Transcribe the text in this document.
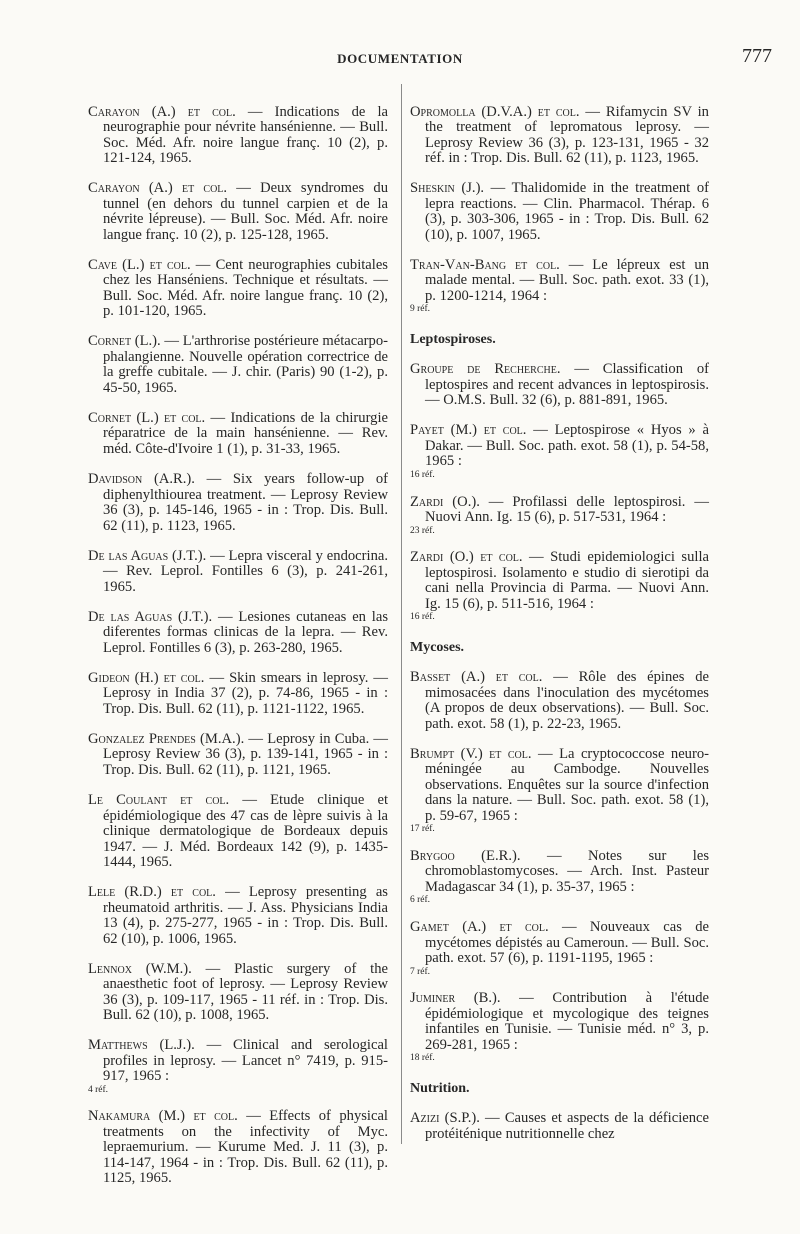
DOCUMENTATION	777

Carayon (A.) et col. — Indications de la neurographie pour névrite hansénienne. — Bull. Soc. Méd. Afr. noire langue franç. 10 (2), p. 121-124, 1965.

Carayon (A.) et col. — Deux syndromes du tunnel (en dehors du tunnel carpien et de la névrite lépreuse). — Bull. Soc. Méd. Afr. noire langue franç. 10 (2), p. 125-128, 1965.

Cave (L.) et col. — Cent neurographies cubitales chez les Hanséniens. Technique et résultats. — Bull. Soc. Méd. Afr. noire langue franç. 10 (2), p. 101-120, 1965.

Cornet (L.). — L'arthrorise postérieure métacarpo-phalangienne. Nouvelle opération correctrice de la greffe cubitale. — J. chir. (Paris) 90 (1-2), p. 45-50, 1965.

Cornet (L.) et col. — Indications de la chirurgie réparatrice de la main hansénienne. — Rev. méd. Côte-d'Ivoire 1 (1), p. 31-33, 1965.

Davidson (A.R.). — Six years follow-up of diphenylthiourea treatment. — Leprosy Review 36 (3), p. 145-146, 1965 - in : Trop. Dis. Bull. 62 (11), p. 1123, 1965.

De las Aguas (J.T.). — Lepra visceral y endocrina. — Rev. Leprol. Fontilles 6 (3), p. 241-261, 1965.

De las Aguas (J.T.). — Lesiones cutaneas en las diferentes formas clinicas de la lepra. — Rev. Leprol. Fontilles 6 (3), p. 263-280, 1965.

Gideon (H.) et col. — Skin smears in leprosy. — Leprosy in India 37 (2), p. 74-86, 1965 - in : Trop. Dis. Bull. 62 (11), p. 1121-1122, 1965.

Gonzalez Prendes (M.A.). — Leprosy in Cuba. — Leprosy Review 36 (3), p. 139-141, 1965 - in : Trop. Dis. Bull. 62 (11), p. 1121, 1965.

Le Coulant et col. — Etude clinique et épidémiologique des 47 cas de lèpre suivis à la clinique dermatologique de Bordeaux depuis 1947. — J. Méd. Bordeaux 142 (9), p. 1435-1444, 1965.

Lele (R.D.) et col. — Leprosy presenting as rheumatoid arthritis. — J. Ass. Physicians India 13 (4), p. 275-277, 1965 - in : Trop. Dis. Bull. 62 (10), p. 1006, 1965.

Lennox (W.M.). — Plastic surgery of the anaesthetic foot of leprosy. — Leprosy Review 36 (3), p. 109-117, 1965 - 11 réf. in : Trop. Dis. Bull. 62 (10), p. 1008, 1965.

Matthews (L.J.). — Clinical and serological profiles in leprosy. — Lancet n° 7419, p. 915-917, 1965 :
4 réf.

Nakamura (M.) et col. — Effects of physical treatments on the infectivity of Myc. lepraemurium. — Kurume Med. J. 11 (3), p. 114-147, 1964 - in : Trop. Dis. Bull. 62 (11), p. 1125, 1965.

Opromolla (D.V.A.) et col. — Rifamycin SV in the treatment of lepromatous leprosy. — Leprosy Review 36 (3), p. 123-131, 1965 - 32 réf. in : Trop. Dis. Bull. 62 (11), p. 1123, 1965.

Sheskin (J.). — Thalidomide in the treatment of lepra reactions. — Clin. Pharmacol. Thérap. 6 (3), p. 303-306, 1965 - in : Trop. Dis. Bull. 62 (10), p. 1007, 1965.

Tran-Van-Bang et col. — Le lépreux est un malade mental. — Bull. Soc. path. exot. 33 (1), p. 1200-1214, 1964 :
9 réf.

Leptospiroses.

Groupe de Recherche. — Classification of leptospires and recent advances in leptospirosis. — O.M.S. Bull. 32 (6), p. 881-891, 1965.

Payet (M.) et col. — Leptospirose « Hyos » à Dakar. — Bull. Soc. path. exot. 58 (1), p. 54-58, 1965 :
16 réf.

Zardi (O.). — Profilassi delle leptospirosi. — Nuovi Ann. Ig. 15 (6), p. 517-531, 1964 :
23 réf.

Zardi (O.) et col. — Studi epidemiologici sulla leptospirosi. Isolamento e studio di sierotipi da cani nella Provincia di Parma. — Nuovi Ann. Ig. 15 (6), p. 511-516, 1964 :
16 réf.

Mycoses.

Basset (A.) et col. — Rôle des épines de mimosacées dans l'inoculation des mycétomes (A propos de deux observations). — Bull. Soc. path. exot. 58 (1), p. 22-23, 1965.

Brumpt (V.) et col. — La cryptococcose neuro-méningée au Cambodge. Nouvelles observations. Enquêtes sur la source d'infection dans la nature. — Bull. Soc. path. exot. 58 (1), p. 59-67, 1965 :
17 réf.

Brygoo (E.R.). — Notes sur les chromoblastomycoses. — Arch. Inst. Pasteur Madagascar 34 (1), p. 35-37, 1965 :
6 réf.

Gamet (A.) et col. — Nouveaux cas de mycétomes dépistés au Cameroun. — Bull. Soc. path. exot. 57 (6), p. 1191-1195, 1965 :
7 réf.

Juminer (B.). — Contribution à l'étude épidémiologique et mycologique des teignes infantiles en Tunisie. — Tunisie méd. n° 3, p. 269-281, 1965 :
18 réf.

Nutrition.

Azizi (S.P.). — Causes et aspects de la déficience protéiténique nutritionnelle chez
